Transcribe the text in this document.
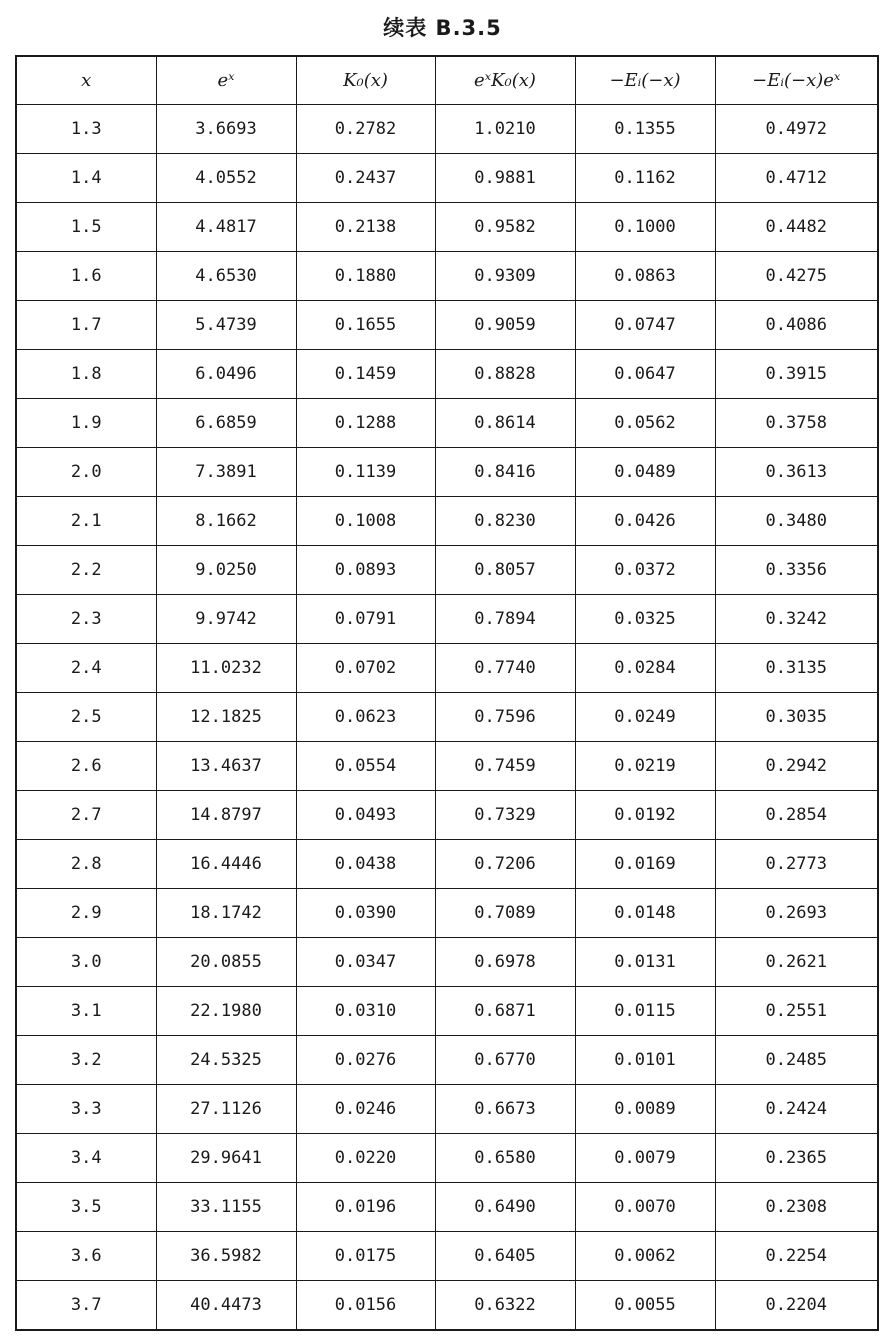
续表 B.3.5
x	eˣ	K₀(x)	eˣK₀(x)	−Eᵢ(−x)	−Eᵢ(−x)eˣ
1.3	3.6693	0.2782	1.0210	0.1355	0.4972
1.4	4.0552	0.2437	0.9881	0.1162	0.4712
1.5	4.4817	0.2138	0.9582	0.1000	0.4482
1.6	4.6530	0.1880	0.9309	0.0863	0.4275
1.7	5.4739	0.1655	0.9059	0.0747	0.4086
1.8	6.0496	0.1459	0.8828	0.0647	0.3915
1.9	6.6859	0.1288	0.8614	0.0562	0.3758
2.0	7.3891	0.1139	0.8416	0.0489	0.3613
2.1	8.1662	0.1008	0.8230	0.0426	0.3480
2.2	9.0250	0.0893	0.8057	0.0372	0.3356
2.3	9.9742	0.0791	0.7894	0.0325	0.3242
2.4	11.0232	0.0702	0.7740	0.0284	0.3135
2.5	12.1825	0.0623	0.7596	0.0249	0.3035
2.6	13.4637	0.0554	0.7459	0.0219	0.2942
2.7	14.8797	0.0493	0.7329	0.0192	0.2854
2.8	16.4446	0.0438	0.7206	0.0169	0.2773
2.9	18.1742	0.0390	0.7089	0.0148	0.2693
3.0	20.0855	0.0347	0.6978	0.0131	0.2621
3.1	22.1980	0.0310	0.6871	0.0115	0.2551
3.2	24.5325	0.0276	0.6770	0.0101	0.2485
3.3	27.1126	0.0246	0.6673	0.0089	0.2424
3.4	29.9641	0.0220	0.6580	0.0079	0.2365
3.5	33.1155	0.0196	0.6490	0.0070	0.2308
3.6	36.5982	0.0175	0.6405	0.0062	0.2254
3.7	40.4473	0.0156	0.6322	0.0055	0.2204
